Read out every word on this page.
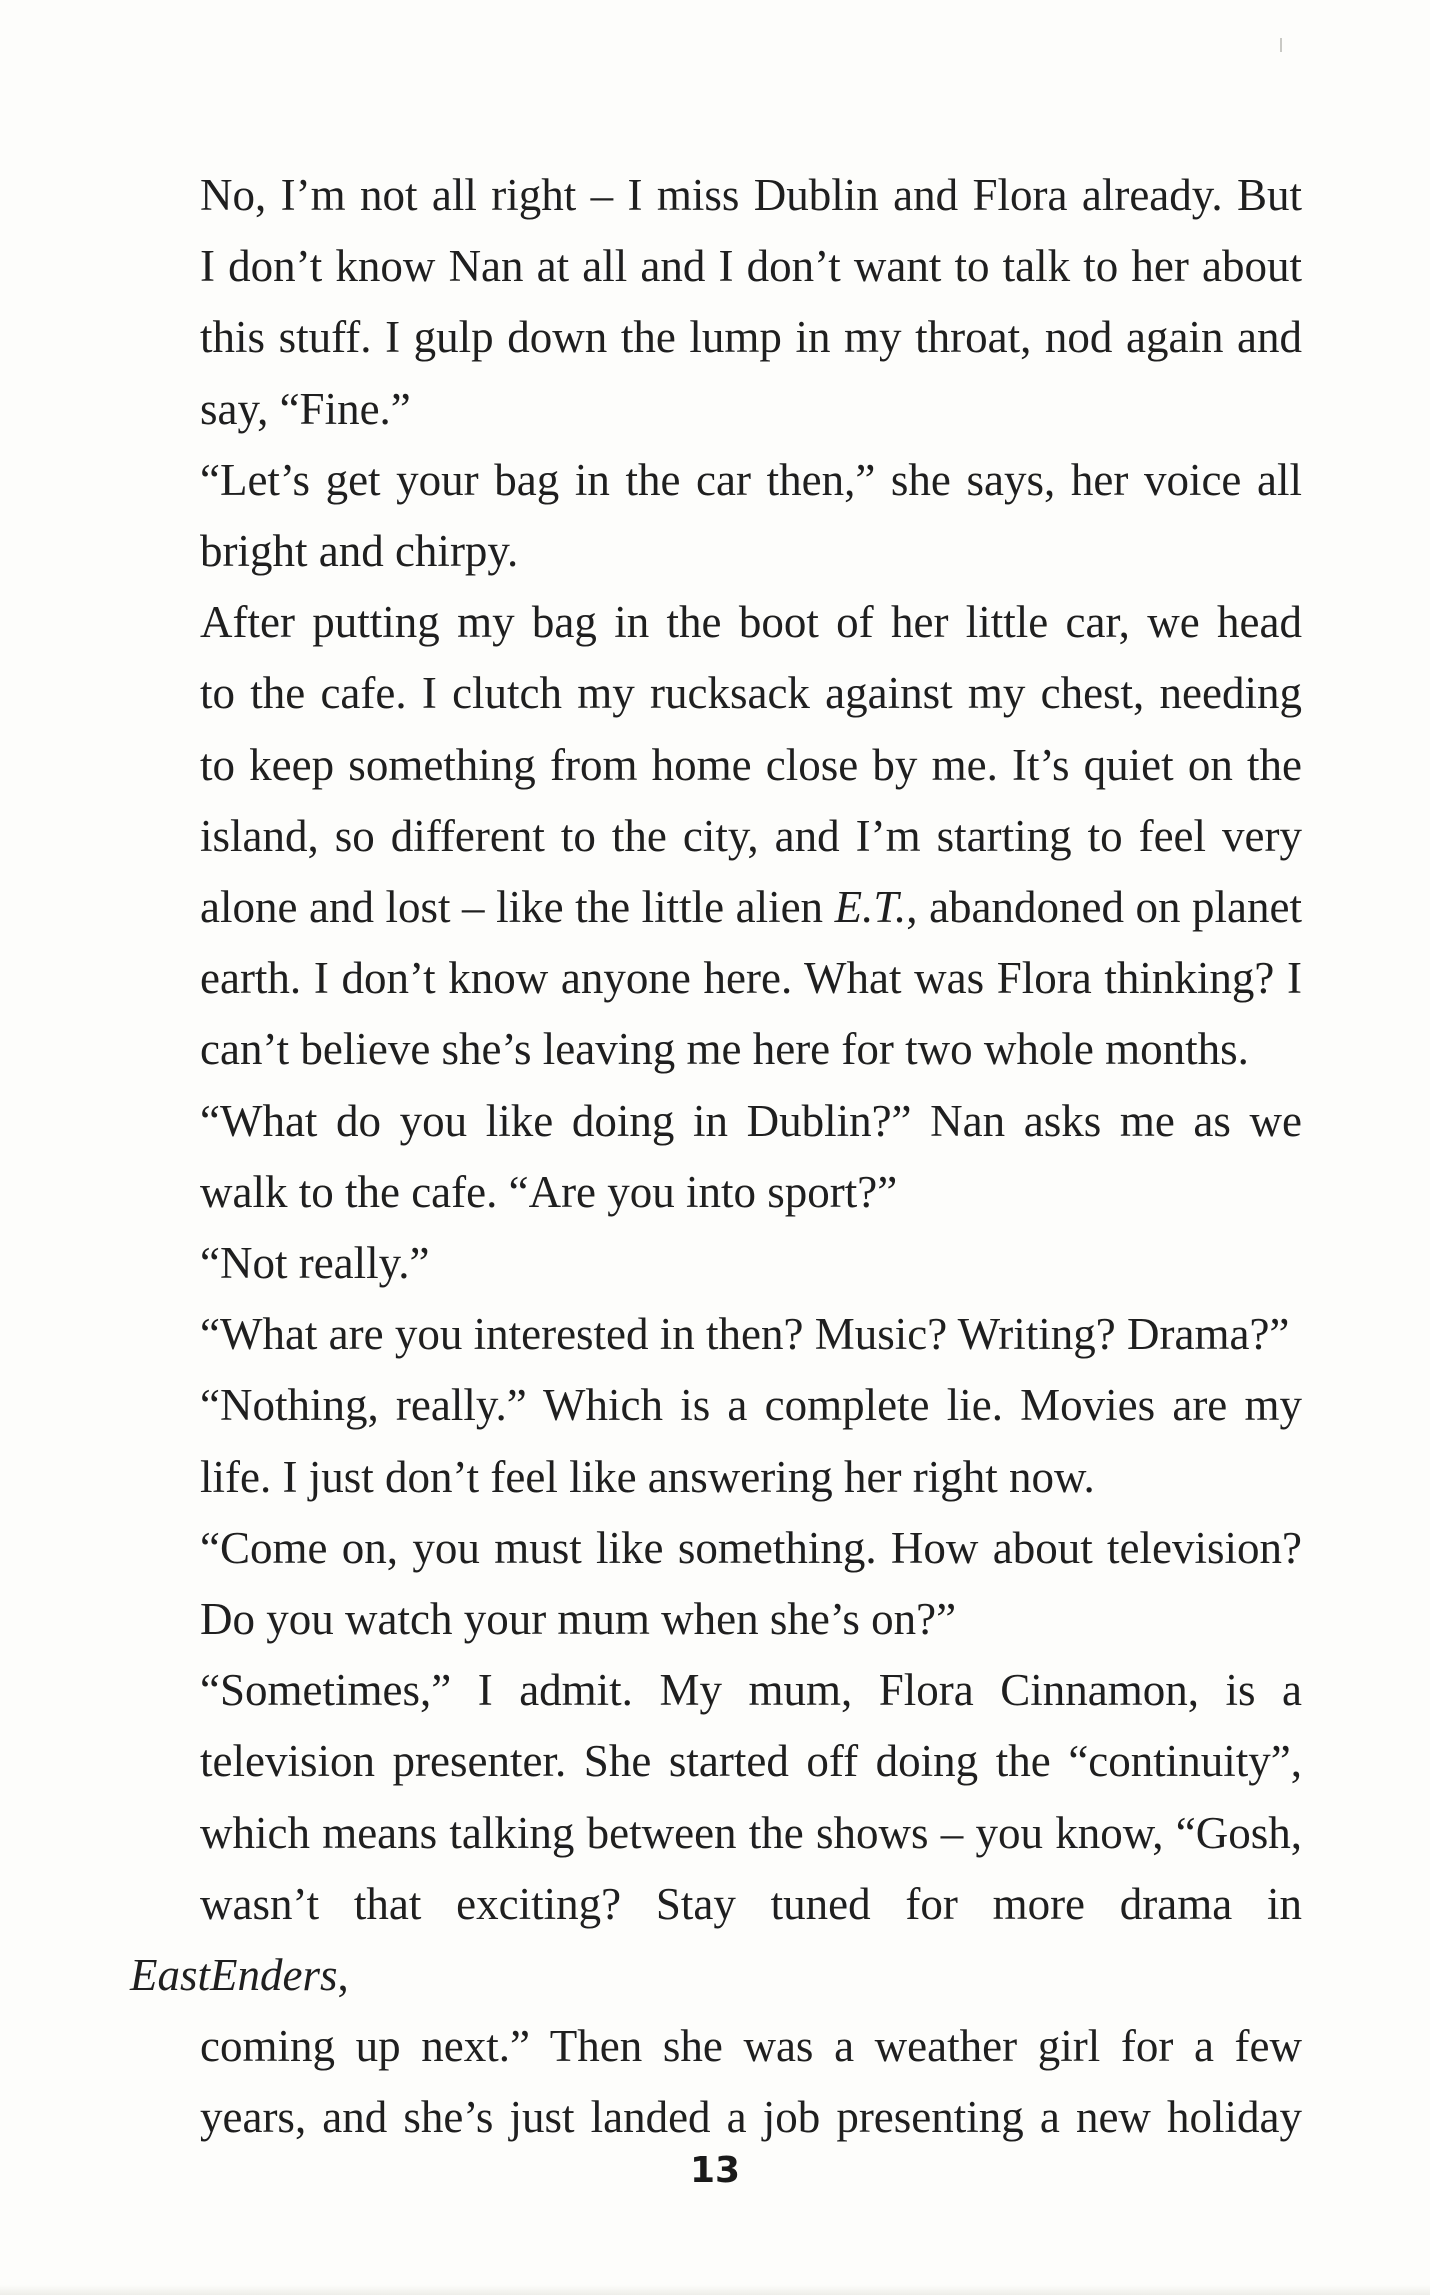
No, I’m not all right – I miss Dublin and Flora already. But
I don’t know Nan at all and I don’t want to talk to her about
this stuff. I gulp down the lump in my throat, nod again and
say, “Fine.”

“Let’s get your bag in the car then,” she says, her voice all
bright and chirpy.

After putting my bag in the boot of her little car, we head
to the cafe. I clutch my rucksack against my chest, needing
to keep something from home close by me. It’s quiet on the
island, so different to the city, and I’m starting to feel very
alone and lost – like the little alien E.T., abandoned on planet
earth. I don’t know anyone here. What was Flora thinking? I
can’t believe she’s leaving me here for two whole months.

“What do you like doing in Dublin?” Nan asks me as we
walk to the cafe. “Are you into sport?”

“Not really.”

“What are you interested in then? Music? Writing? Drama?”

“Nothing, really.” Which is a complete lie. Movies are my
life. I just don’t feel like answering her right now.

“Come on, you must like something. How about television?
Do you watch your mum when she’s on?”

“Sometimes,” I admit. My mum, Flora Cinnamon, is a
television presenter. She started off doing the “continuity”,
which means talking between the shows – you know, “Gosh,
wasn’t that exciting? Stay tuned for more drama in EastEnders,
coming up next.” Then she was a weather girl for a few
years, and she’s just landed a job presenting a new holiday

13
